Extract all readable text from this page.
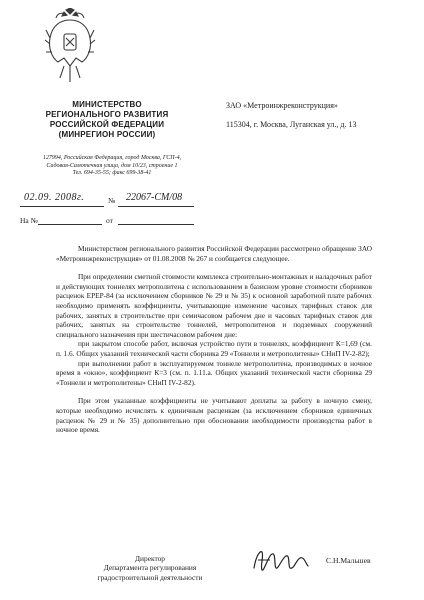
МИНИСТЕРСТВО
РЕГИОНАЛЬНОГО РАЗВИТИЯ
РОССИЙСКОЙ ФЕДЕРАЦИИ
(МИНРЕГИОН РОССИИ)
127994, Российская Федерация, город Москва, ГСП-4,
Садовая-Самотечная улица, дом 10/23, строение 1
Тел. 694-35-55; факс 699-38-41
ЗАО «Метроинжреконструкция»
115304, г. Москва, Луганская ул., д. 13
02.09. 2008г.	№ 22067-СМ/08
На №	от

Министерством регионального развития Российской Федерации рассмотрено обращение ЗАО «Метроинжреконструкция» от 01.08.2008 № 267 и сообщается следующее.

При определении сметной стоимости комплекса строительно-монтажных и наладочных работ и действующих тоннелях метрополитена с использованием в базисном уровне стоимости сборников расценок ЕРЕР-84 (за исключением сборников № 29 и № 35) к основной заработной плате рабочих необходимо применять коэффициенты, учитывающие изменение часовых тарифных ставок для рабочих, занятых в строительстве при семичасовом рабочем дне и часовых тарифных ставок для рабочих, занятых на строительстве тоннелей, метрополитенов и подземных сооружений специального назначения при шестичасовом рабочем дне:

при закрытом способе работ, включая устройство пути в тоннелях, коэффициент К=1,69 (см. п. 1.6. Общих указаний технической части сборника 29 «Тоннели и метрополитены» СНиП IV-2-82);

при выполнении работ в эксплуатируемом тоннеле метрополитена, производимых в ночное время в «окно», коэффициент К=3 (см. п. 1.11.а. Общих указаний технической части сборника 29 «Тоннели и метрополитены» СНиП IV-2-82).

При этом указанные коэффициенты не учитывают доплаты за работу в ночную смену, которые необходимо исчислять к единичным расценкам (за исключением сборников единичных расценок № 29 и № 35) дополнительно при обосновании необходимости производства работ в ночное время.

Директор
Департамента регулирования
градостроительной деятельности
С.Н.Мальшев
